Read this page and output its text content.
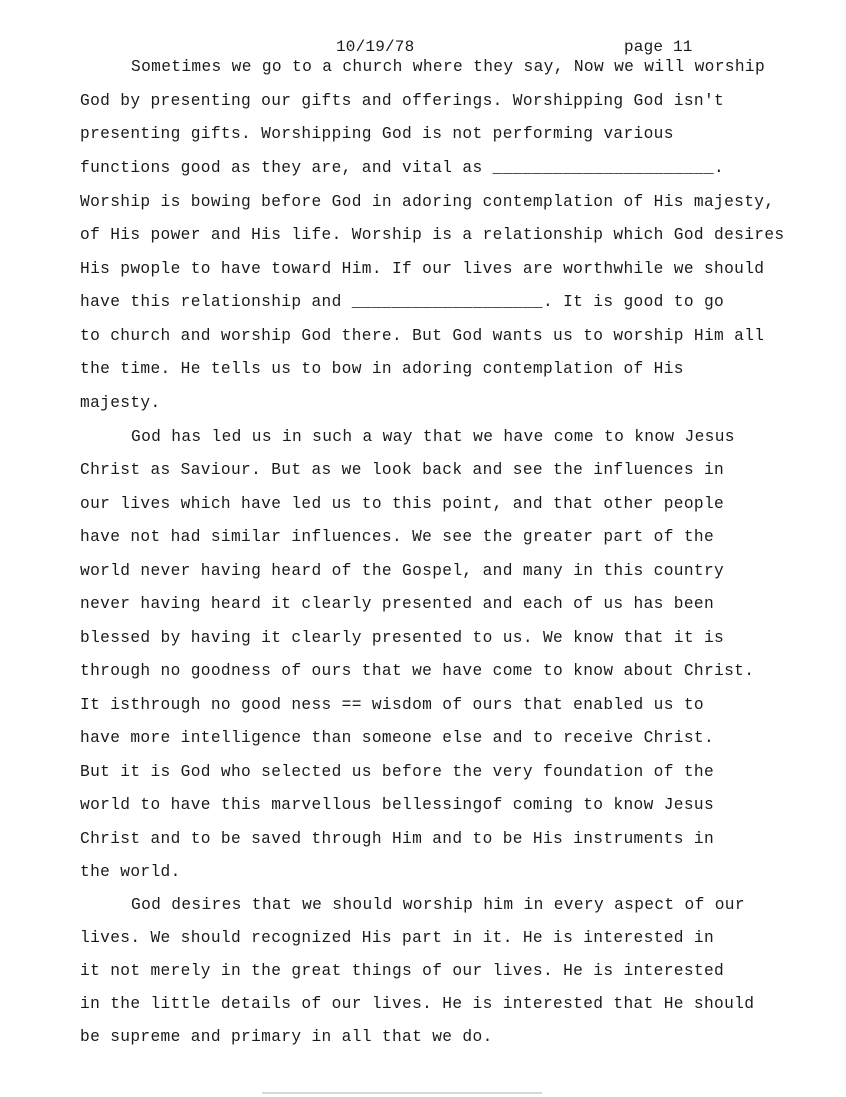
10/19/78	page 11
Sometimes we go to a church where they say, Now we will worship
God by presenting our gifts and offerings. Worshipping God isn't
presenting gifts. Worshipping God is not performing various
functions good as they are, and vital as ______________________.
Worship is bowing before God in adoring contemplation of His majesty,
of His power and His life. Worship is a relationship which God desires
His pwople to have toward Him. If our lives are worthwhile we should
have this relationship and ___________________. It is good to go
to church and worship God there. But God wants us to worship Him all
the time. He tells us to bow in adoring contemplation of His
majesty.
God has led us in such a way that we have come to know Jesus
Christ as Saviour. But as we look back and see the influences in
our lives which have led us to this point, and that other people
have not had similar influences. We see the greater part of the
world never having heard of the Gospel, and many in this country
never having heard it clearly presented and each of us has been
blessed by having it clearly presented to us. We know that it is
through no goodness of ours that we have come to know about Christ.
It isthrough no good ness == wisdom of ours that enabled us to
have more intelligence than someone else and to receive Christ.
But it is God who selected us before the very foundation of the
world to have this marvellous bellessingof coming to know Jesus
Christ and to be saved through Him and to be His instruments in
the world.
God desires that we should worship him in every aspect of our
lives. We should recognized His part in it. He is interested in
it not merely in the great things of our lives. He is interested
in the little details of our lives. He is interested that He should
be supreme and primary in all that we do.
